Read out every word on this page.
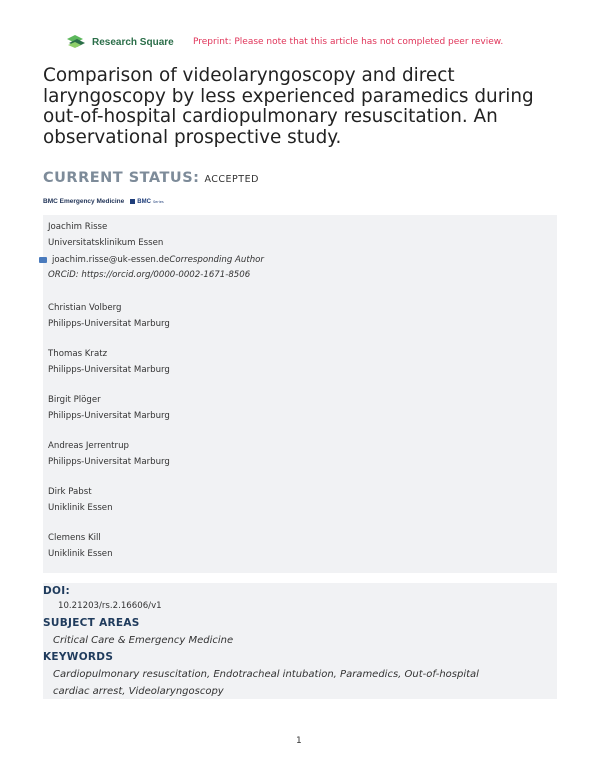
Research Square Preprint: Please note that this article has not completed peer review.
Comparison of videolaryngoscopy and direct laryngoscopy by less experienced paramedics during out-of-hospital cardiopulmonary resuscitation. An observational prospective study.
CURRENT STATUS: ACCEPTED
BMC Emergency Medicine BMC Series
Joachim Risse
Universitatsklinikum Essen
joachim.risse@uk-essen.de Corresponding Author
ORCiD: https://orcid.org/0000-0002-1671-8506
Christian Volberg
Philipps-Universitat Marburg
Thomas Kratz
Philipps-Universitat Marburg
Birgit Plöger
Philipps-Universitat Marburg
Andreas Jerrentrup
Philipps-Universitat Marburg
Dirk Pabst
Uniklinik Essen
Clemens Kill
Uniklinik Essen
DOI:
10.21203/rs.2.16606/v1
SUBJECT AREAS
Critical Care & Emergency Medicine
KEYWORDS
Cardiopulmonary resuscitation, Endotracheal intubation, Paramedics, Out-of-hospital
cardiac arrest, Videolaryngoscopy
1
